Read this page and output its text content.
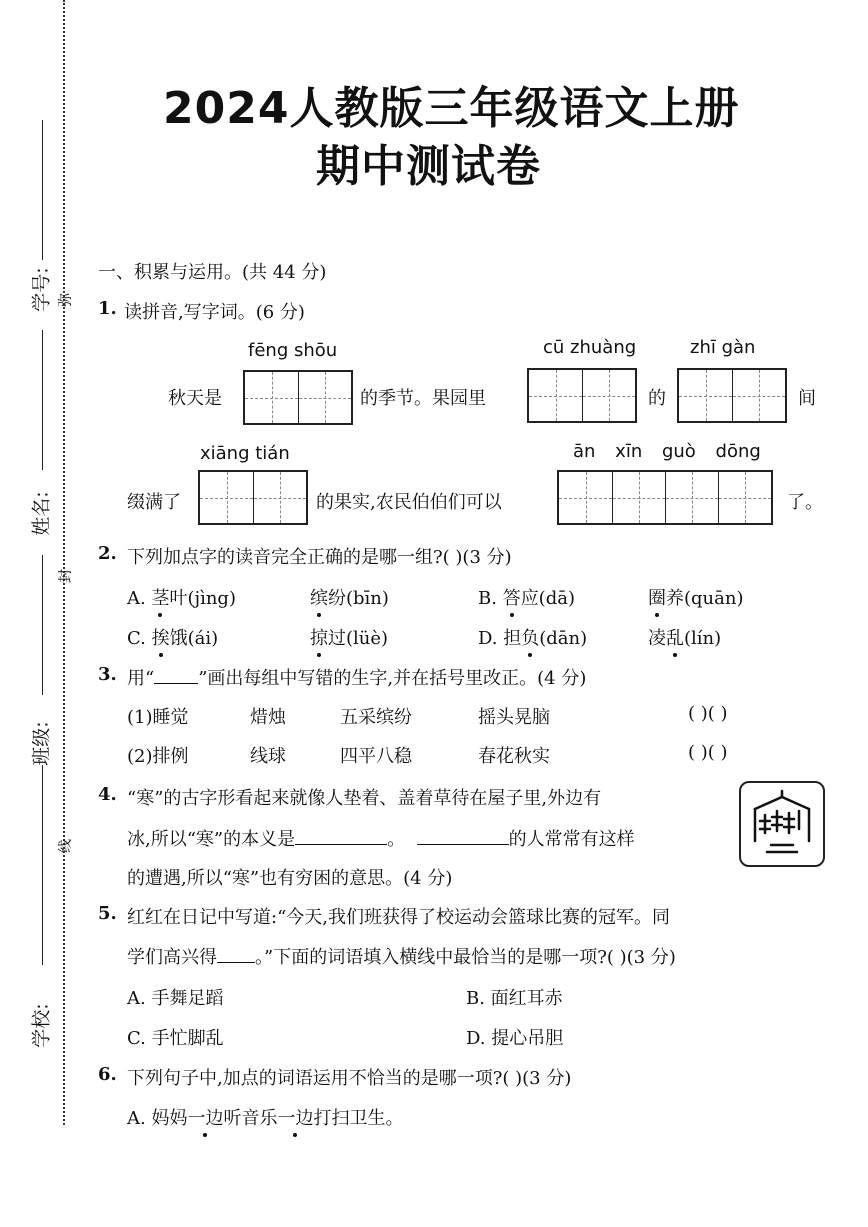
学号:
姓名:
班级:
学校:
弥
封
线
2024人教版三年级语文上册
期中测试卷
一、积累与运用。(共 44 分)
1. 读拼音,写字词。(6 分)
fēng shōu	cū zhuàng	zhī gàn
秋天是	的季节。果园里	的	间
xiāng tián	ān xīn guò dōng
缀满了	的果实,农民伯伯们可以	了。
2. 下列加点字的读音完全正确的是哪一组?( )(3 分)
A. 茎叶(jìng)	缤纷(bīn)	B. 答应(dā)	圈养(quān)
C. 挨饿(ái)	掠过(lüè)	D. 担负(dān)	凌乱(lín)
3. 用“ ”画出每组中写错的生字,并在括号里改正。(4 分)
(1)睡觉	焟烛	五采缤纷	摇头晃脑	( )( )
(2)排例	线球	四平八稳	春花秋实	( )( )
4. “寒”的古字形看起来就像人垫着、盖着草待在屋子里,外边有
冰,所以“寒”的本义是	。	的人常常有这样
的遭遇,所以“寒”也有穷困的意思。(4 分)
5. 红红在日记中写道:“今天,我们班获得了校运动会篮球比赛的冠军。同
学们高兴得 。”下面的词语填入横线中最恰当的是哪一项?( )(3 分)
A. 手舞足蹈	B. 面红耳赤
C. 手忙脚乱	D. 提心吊胆
6. 下列句子中,加点的词语运用不恰当的是哪一项?( )(3 分)
A. 妈妈一边听音乐一边打扫卫生。
